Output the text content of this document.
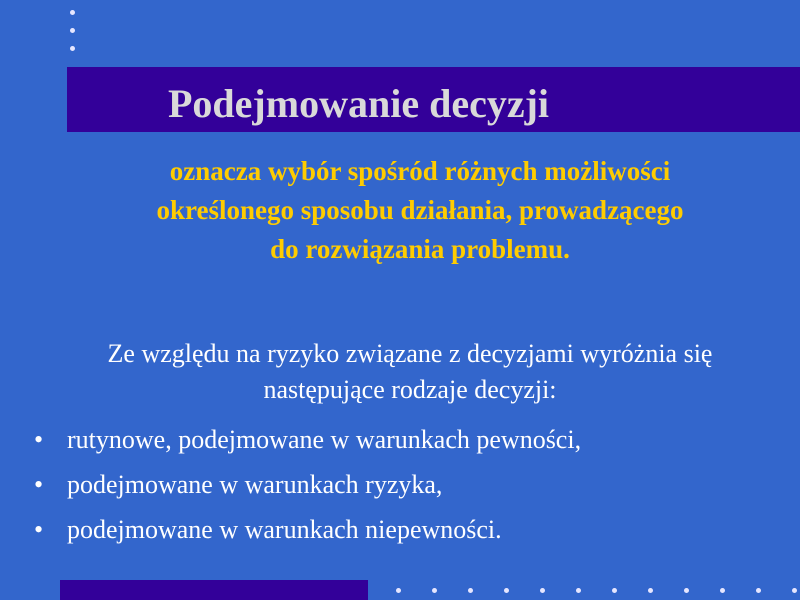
Podejmowanie decyzji

oznacza wybór spośród różnych możliwości
określonego sposobu działania, prowadzącego
do rozwiązania problemu.

Ze względu na ryzyko związane z decyzjami wyróżnia się
następujące rodzaje decyzji:

• rutynowe, podejmowane w warunkach pewności,
• podejmowane w warunkach ryzyka,
• podejmowane w warunkach niepewności.
